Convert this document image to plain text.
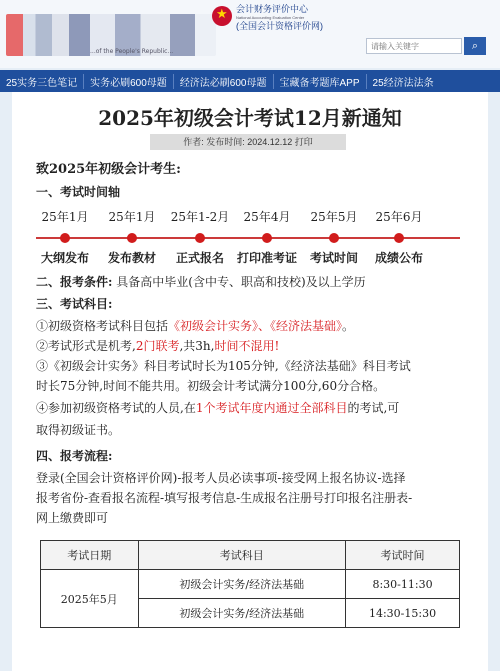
...of the People's Republic...
★ 会计财务评价中心
National Accounting Evaluation Center
(全国会计资格评价网)
请输入关键字
⌕
25实务三色笔记	实务必刷600母题	经济法必刷600母题	宝藏备考题库APP	25经济法法条
2025年初级会计考试12月新通知
作者: 发布时间: 2024.12.12 打印
致2025年初级会计考生:
一、考试时间轴
25年1月	25年1月	25年1-2月	25年4月	25年5月	25年6月
大纲发布	发布教材	正式报名	打印准考证	考试时间	成绩公布
二、报考条件: 具备高中毕业(含中专、职高和技校)及以上学历
三、考试科目:
①初级资格考试科目包括《初级会计实务》、《经济法基础》。
②考试形式是机考,2门联考,共3h,时间不混用!
③《初级会计实务》科目考试时长为105分钟,《经济法基础》科目考试
时长75分钟,时间不能共用。初级会计考试满分100分,60分合格。
④参加初级资格考试的人员,在1个考试年度内通过全部科目的考试,可
取得初级证书。
四、报考流程:
登录(全国会计资格评价网)-报考人员必读事项-接受网上报名协议-选择
报考省份-查看报名流程-填写报考信息-生成报名注册号打印报名注册表-
网上缴费即可
考试日期	考试科目	考试时间
2025年5月	初级会计实务/经济法基础	8:30-11:30
	初级会计实务/经济法基础	14:30-15:30
